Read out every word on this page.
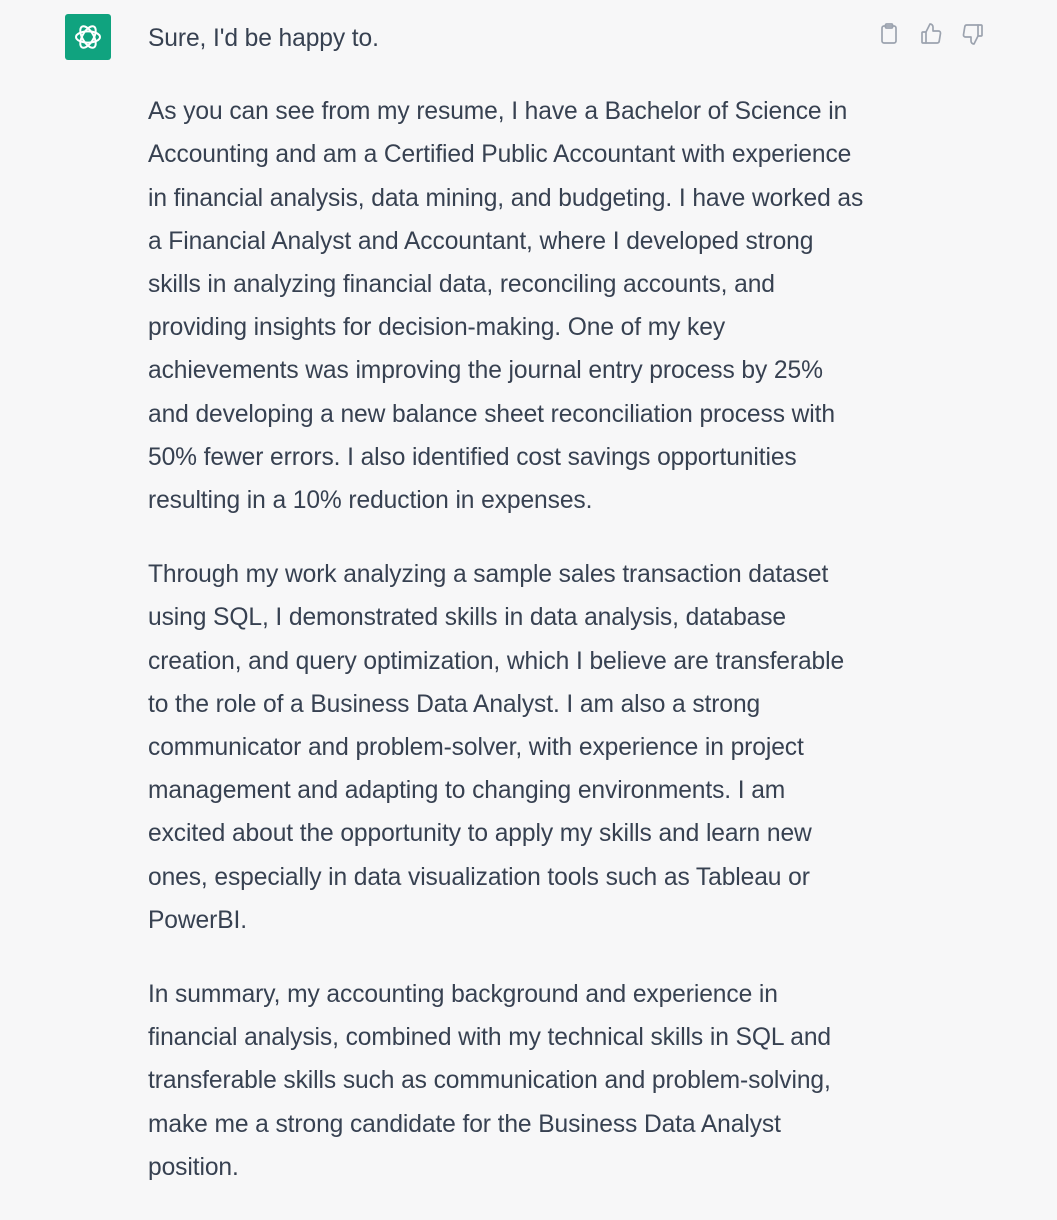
Sure, I'd be happy to.

As you can see from my resume, I have a Bachelor of Science in Accounting and am a Certified Public Accountant with experience in financial analysis, data mining, and budgeting. I have worked as a Financial Analyst and Accountant, where I developed strong skills in analyzing financial data, reconciling accounts, and providing insights for decision-making. One of my key achievements was improving the journal entry process by 25% and developing a new balance sheet reconciliation process with 50% fewer errors. I also identified cost savings opportunities resulting in a 10% reduction in expenses.

Through my work analyzing a sample sales transaction dataset using SQL, I demonstrated skills in data analysis, database creation, and query optimization, which I believe are transferable to the role of a Business Data Analyst. I am also a strong communicator and problem-solver, with experience in project management and adapting to changing environments. I am excited about the opportunity to apply my skills and learn new ones, especially in data visualization tools such as Tableau or PowerBI.

In summary, my accounting background and experience in financial analysis, combined with my technical skills in SQL and transferable skills such as communication and problem-solving, make me a strong candidate for the Business Data Analyst position.
